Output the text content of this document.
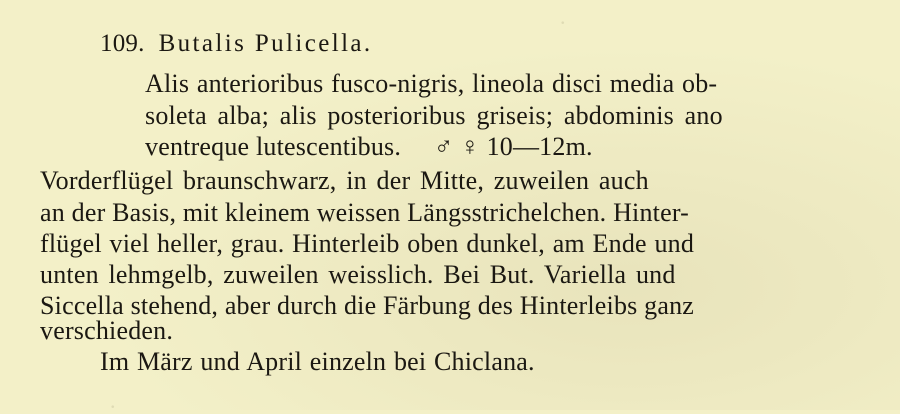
.
.
109. Butalis Pulicella.
Alis anterioribus fusco-nigris, lineola disci media ob-
soleta alba; alis posterioribus griseis; abdominis ano
ventreque lutescentibus. ♂ ♀ 10—12m.
Vorderflügel braunschwarz, in der Mitte, zuweilen auch
an der Basis, mit kleinem weissen Längsstrichelchen. Hinter-
flügel viel heller, grau. Hinterleib oben dunkel, am Ende und
unten lehmgelb, zuweilen weisslich. Bei But. Variella und
Siccella stehend, aber durch die Färbung des Hinterleibs ganz
verschieden.
Im März und April einzeln bei Chiclana.
